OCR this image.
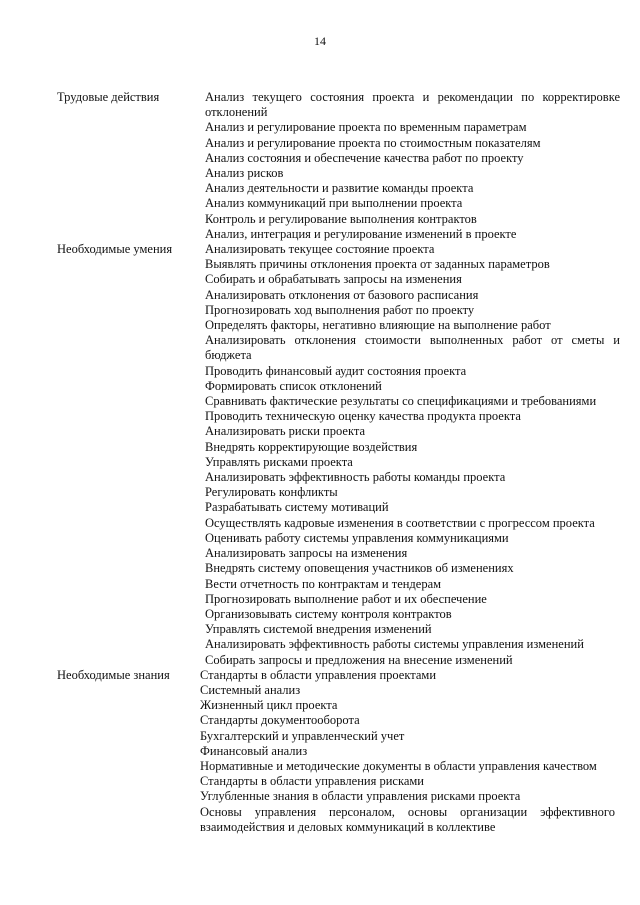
14
Трудовые действия	Анализ текущего состояния проекта и рекомендации по корректировке отклонений
Анализ и регулирование проекта по временным параметрам
Анализ и регулирование проекта по стоимостным показателям
Анализ состояния и обеспечение качества работ по проекту
Анализ рисков
Анализ деятельности и развитие команды проекта
Анализ коммуникаций при выполнении проекта
Контроль и регулирование выполнения контрактов
Анализ, интеграция и регулирование изменений в проекте
Необходимые умения	Анализировать текущее состояние проекта
Выявлять причины отклонения проекта от заданных параметров
Собирать и обрабатывать запросы на изменения
Анализировать отклонения от базового расписания
Прогнозировать ход выполнения работ по проекту
Определять факторы, негативно влияющие на выполнение работ
Анализировать отклонения стоимости выполненных работ от сметы и бюджета
Проводить финансовый аудит состояния проекта
Формировать список отклонений
Сравнивать фактические результаты со спецификациями и требованиями
Проводить техническую оценку качества продукта проекта
Анализировать риски проекта
Внедрять корректирующие воздействия
Управлять рисками проекта
Анализировать эффективность работы команды проекта
Регулировать конфликты
Разрабатывать систему мотиваций
Осуществлять кадровые изменения в соответствии с прогрессом проекта
Оценивать работу системы управления коммуникациями
Анализировать запросы на изменения
Внедрять систему оповещения участников об изменениях
Вести отчетность по контрактам и тендерам
Прогнозировать выполнение работ и их обеспечение
Организовывать систему контроля контрактов
Управлять системой внедрения изменений
Анализировать эффективность работы системы управления изменений
Собирать запросы и предложения на внесение изменений
Необходимые знания	Стандарты в области управления проектами
Системный анализ
Жизненный цикл проекта
Стандарты документооборота
Бухгалтерский и управленческий учет
Финансовый анализ
Нормативные и методические документы в области управления качеством
Стандарты в области управления рисками
Углубленные знания в области управления рисками проекта
Основы управления персоналом, основы организации эффективного взаимодействия и деловых коммуникаций в коллективе
